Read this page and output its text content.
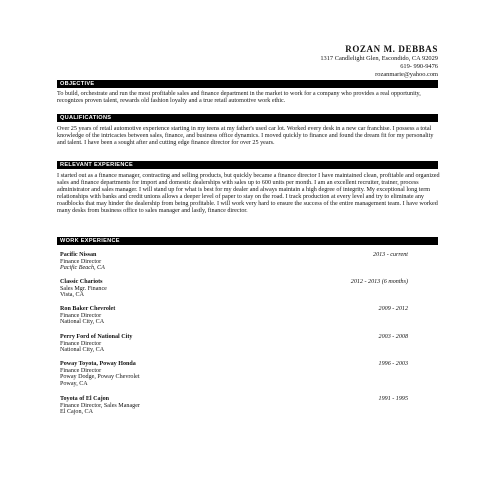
ROZAN M. DEBBAS
1317 Candlelight Glen, Escondido, CA 92029
619- 990-9476
rozanmarie@yahoo.com
OBJECTIVE
To build, orchestrate and run the most profitable sales and finance department in the market to work for a company who provides a real opportunity, recognizes proven talent, rewards old fashion loyalty and a true retail automotive work ethic.
QUALIFICATIONS
Over 25 years of retail automotive experience starting in my teens at my father's used car lot. Worked every desk in a new car franchise. I possess a total knowledge of the intricacies between sales, finance, and business office dynamics. I moved quickly to finance and found the dream fit for my personality and talent. I have been a sought after and cutting edge finance director for over 25 years.
RELEVANT EXPERIENCE
I started out as a finance manager, contracting and selling products, but quickly became a finance director I have maintained clean, profitable and organized sales and finance departments for import and domestic dealerships with sales up to 600 units per month. I am an excellent recruiter, trainer, process administrator and sales manager. I will stand up for what is best for my dealer and always maintain a high degree of integrity. My exceptional long term relationships with banks and credit unions allows a deeper level of paper to stay on the road. I track production at every level and try to eliminate any roadblocks that may hinder the dealership from being profitable. I will work very hard to ensure the success of the entire management team. I have worked many desks from business office to sales manager and lastly, finance director.
WORK EXPERIENCE
Pacific Nissan
Finance Director
Pacific Beach, CA
2013 - current
Classic Chariots
Sales Mgr. Finance
Vista, CA
2012 - 2013 (6 months)
Ron Baker Chevrolet
Finance Director
National City, CA
2009 - 2012
Perry Ford of National City
Finance Director
National City, CA
2003 - 2008
Poway Toyota, Poway Honda
Finance Director
Poway Dodge, Poway Chevrolet
Poway, CA
1996 - 2003
Toyota of El Cajon
Finance Director, Sales Manager
El Cajon, CA
1991 - 1995
